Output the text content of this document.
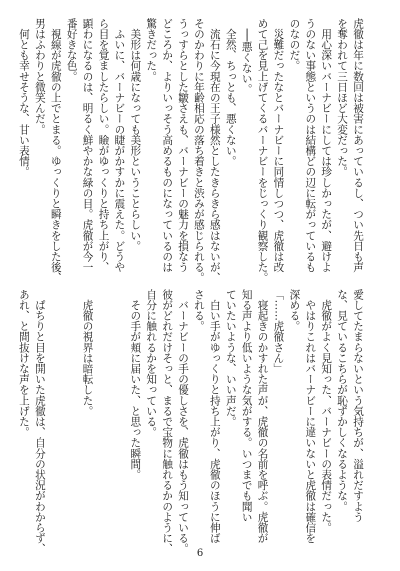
虎徹は年に数回は被害にあっているし、つい先日も声
を奪われて三日ほど大変だった。
　用心深いバーナビーにしては珍しかったが、避けよ
うのない事態というのは結構どの辺に転がっているも
のなのだ。
　災難だったなとバーナビーに同情しつつ、虎徹は改
めて己を見上げてくるバーナビーをじっくり観察した。
　──悪くない。
　全然、ちっとも、悪くない。
　流石に今現在の王子様然としたきらきら感はないが、
そのかわりに年齢相応の落ち着きと渋みが感じられる。
うっすらとした皺さえも、バーナビーの魅力を損なう
どころか、よりいっそう高めるものになっているのは
驚きだった。
　美形は何歳になっても美形ということらしい。
　ふいに、バーナビーの睫がかすかに震えた。どうや
ら目を覚ましたらしい。瞼がゆっくりと持ち上がり、
顕わになるのは、明るく鮮やかな緑の目。虎徹が今一
番好きな色。
　視線が虎徹の上でとまる。ゆっくりと瞬きをした後、
男はふわりと微笑んだ。
　何とも幸せそうな、甘い表情。
愛してたまらないという気持ちが、溢れだすよう
な、見ているこちらが恥ずかしくなるような。
　虎徹がよく見知った、バーナビーの表情だった。
　やはりこれはバーナビーに違いないと虎徹は確信を
深める。
「……虎徹さん」
　寝起きのかすれた声が、虎徹の名前を呼ぶ。虎徹が
知る声より低いような気がする。いつまでも聞い
ていたいような、いい声だ。
　白い手がゆっくりと持ち上がり、虎徹のほうに伸ば
される。
　バーナビーの手の優しさを、虎徹はもう知っている。
彼がどれだけそっと、まるで宝物に触れるかのように、
自分に触れるかを知っている。
　その手が頬に届いた、と思った瞬間。

　虎徹の視界は暗転した。

　ぱちりと目を開いた虎徹は、自分の状況がわからず、
あれ、と間抜けな声を上げた。
6
